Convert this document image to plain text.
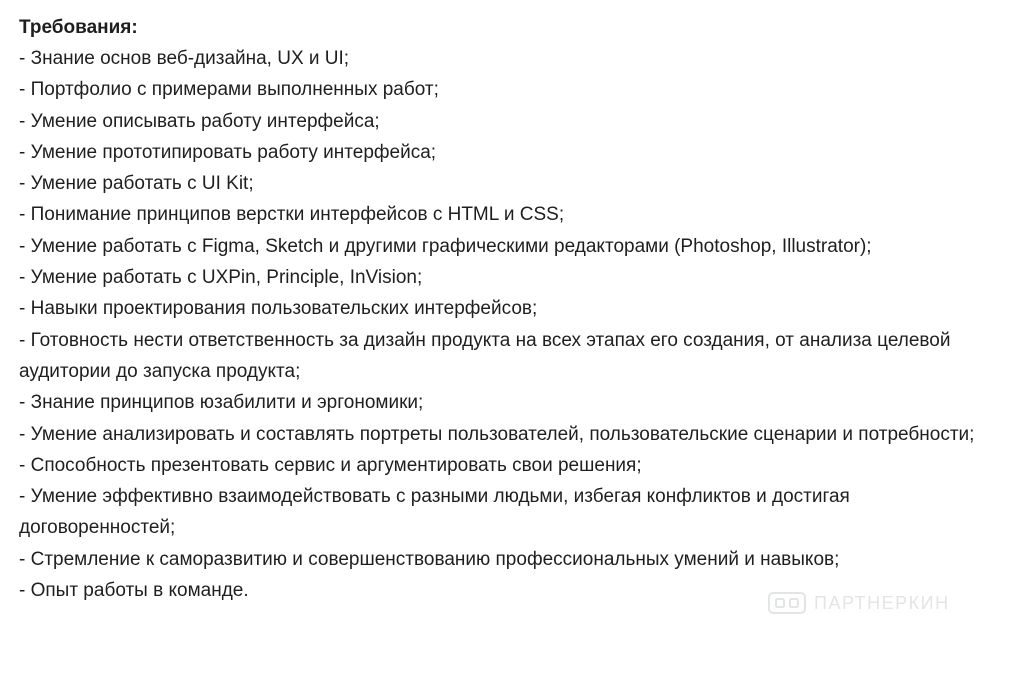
Требования:
- Знание основ веб-дизайна, UX и UI;
- Портфолио с примерами выполненных работ;
- Умение описывать работу интерфейса;
- Умение прототипировать работу интерфейса;
- Умение работать с UI Kit;
- Понимание принципов верстки интерфейсов с HTML и CSS;
- Умение работать с Figma, Sketch и другими графическими редакторами (Photoshop, Illustrator);
- Умение работать с UXPin, Principle, InVision;
- Навыки проектирования пользовательских интерфейсов;
- Готовность нести ответственность за дизайн продукта на всех этапах его создания, от анализа целевой аудитории до запуска продукта;
- Знание принципов юзабилити и эргономики;
- Умение анализировать и составлять портреты пользователей, пользовательские сценарии и потребности;
- Способность презентовать сервис и аргументировать свои решения;
- Умение эффективно взаимодействовать с разными людьми, избегая конфликтов и достигая договоренностей;
- Стремление к саморазвитию и совершенствованию профессиональных умений и навыков;
- Опыт работы в команде.
ПАРТНЕРКИН
